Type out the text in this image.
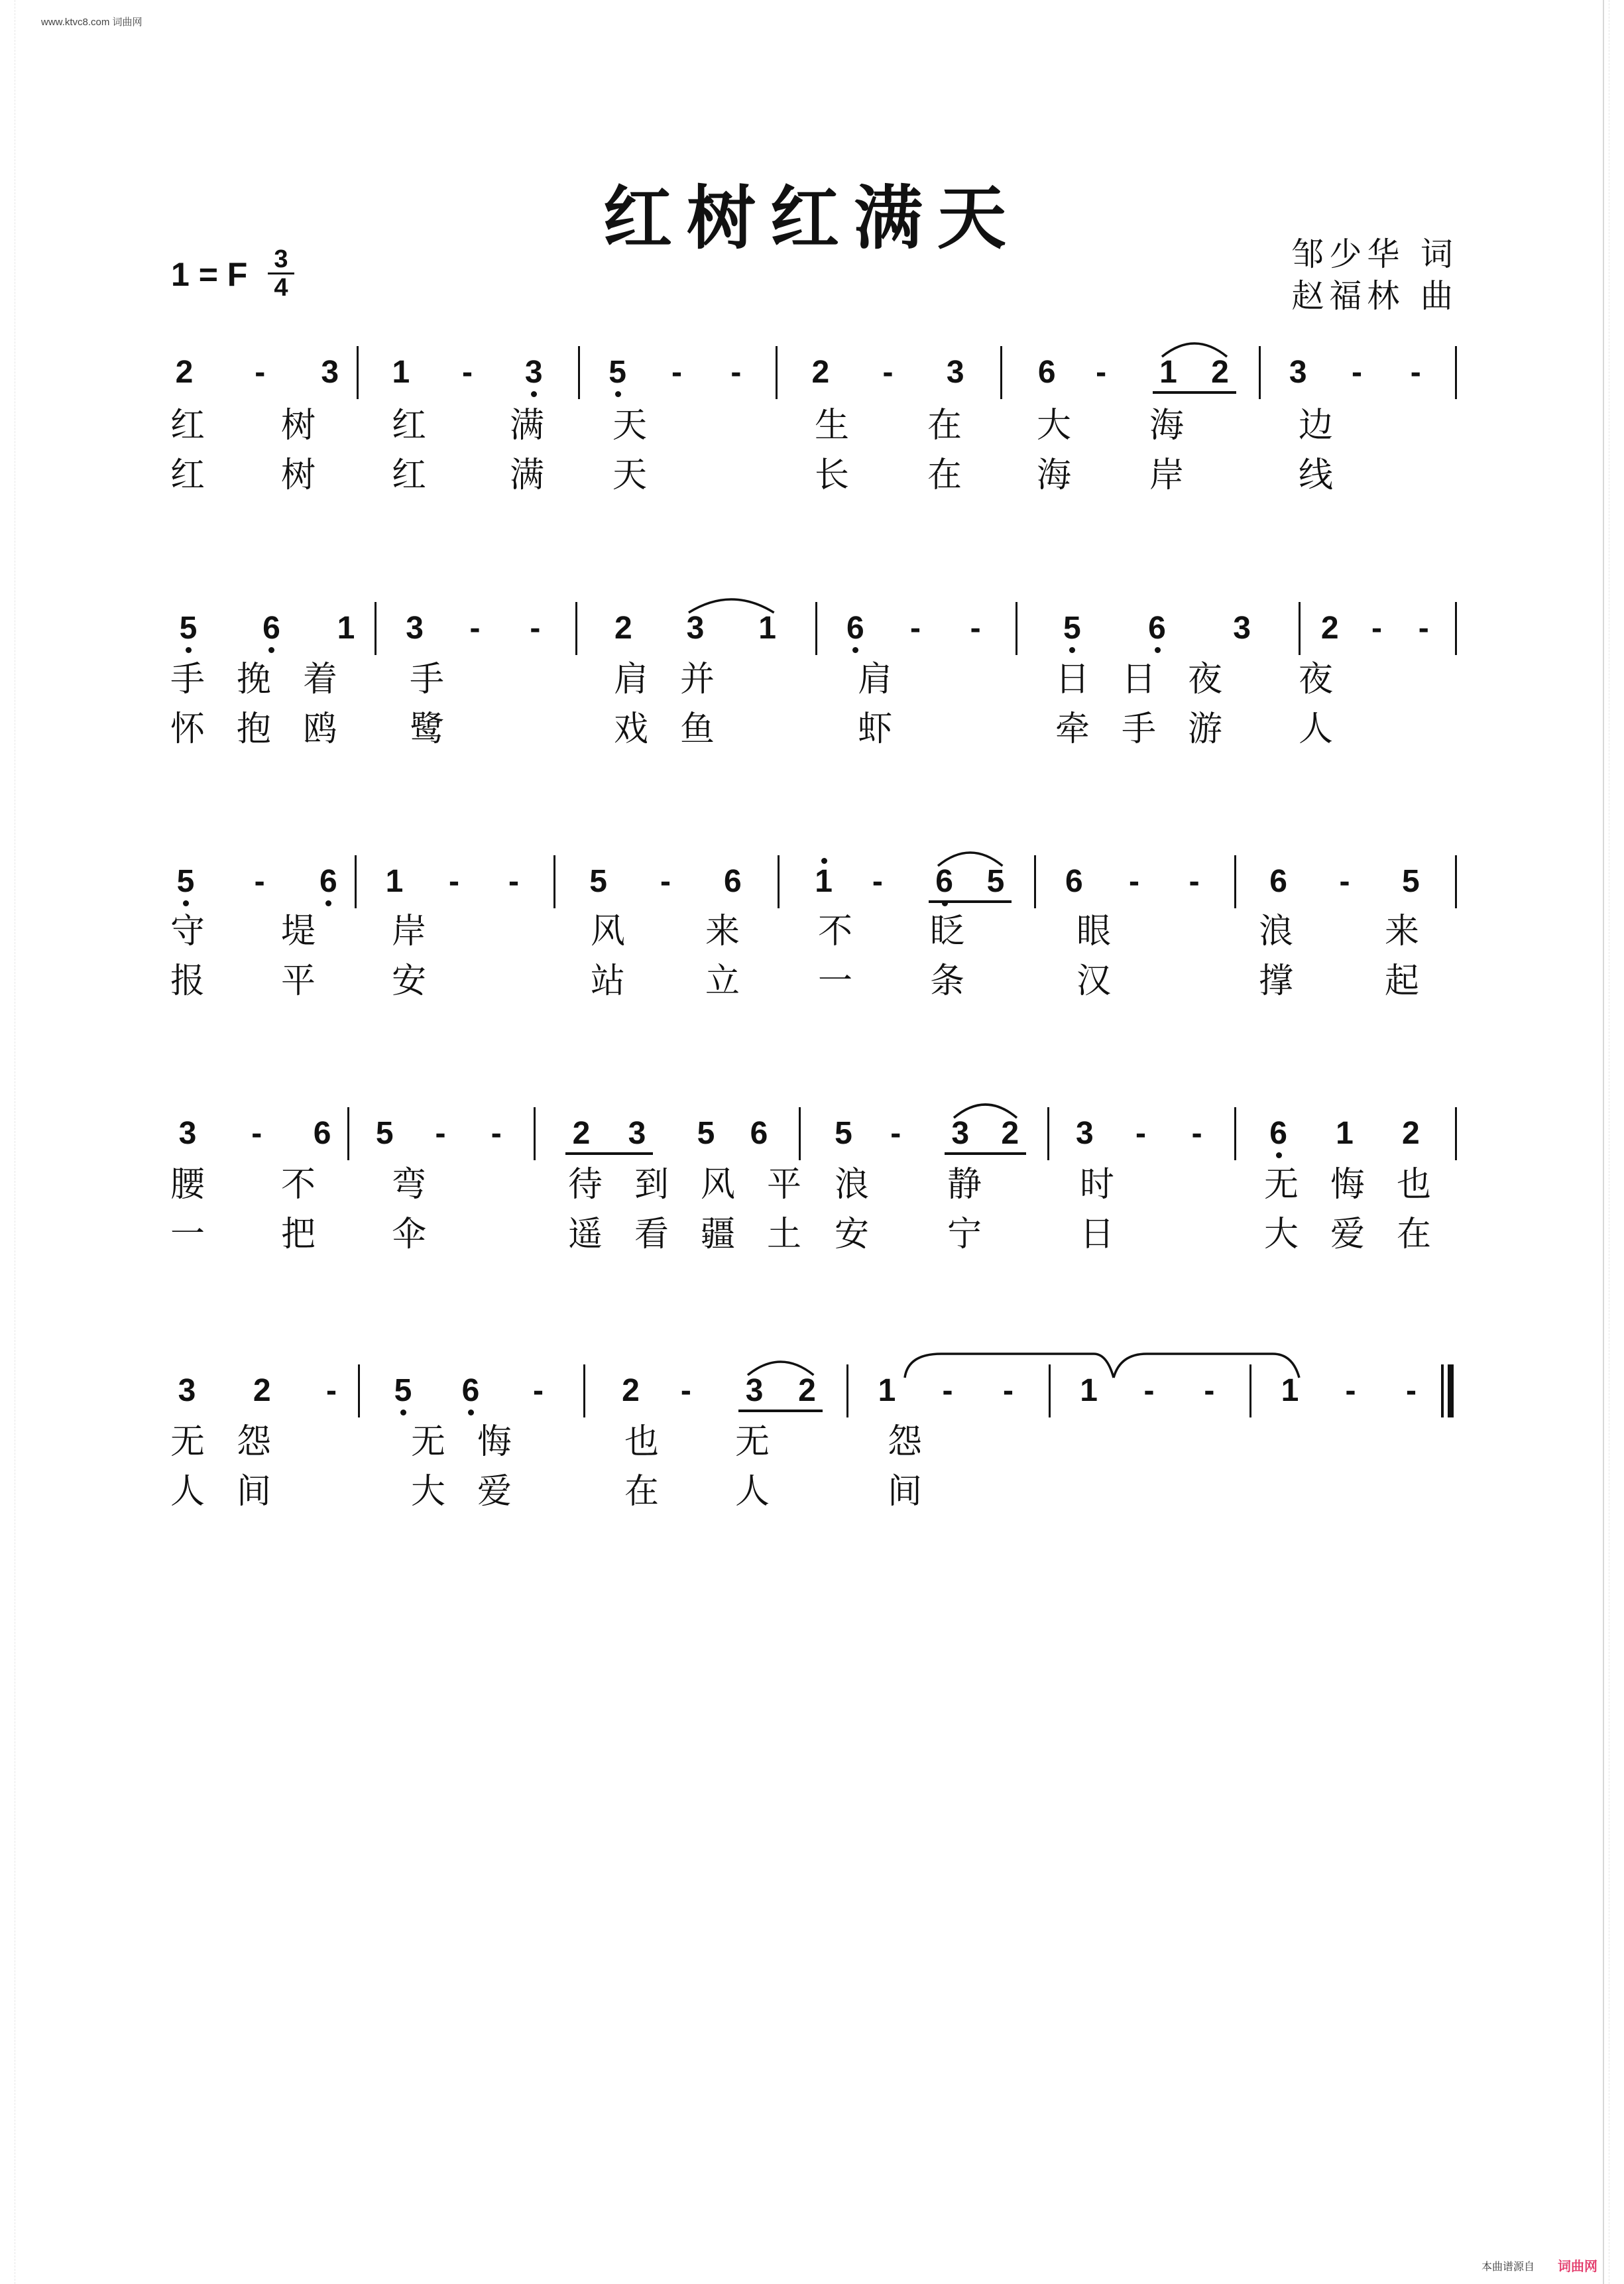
www.ktvc8.com 词曲网
红树红满天	邹少华 词
赵福林 曲
1 = F 3
4
2	-	3	1	-	3	5	-	-	2	-	3	6	-	1 2	3	-	-
红 树 红 满 天	生 在 大 海	边
红 树 红 满 天	长 在 海 岸	线
5	6	1	3	-	-	2	3	1	6	-	-	5	6	3	2	-	-
手 挽 着 手	肩 并	肩	日 日 夜 夜
怀 抱 鸥 鹭	戏 鱼	虾	牵 手 游 人
5	-	6	1	-	-	5	-	6	1	-	6 5	6	-	-	6	-	5
守 堤 岸	风 来 不 眨	眼	浪	来
报 平 安	站 立 一 条	汉	撑	起
3	-	6	5	-	-	2 3 5 6 5	-	3 2	3	-	-	6	1	2
腰 不 弯	待 到 风 平 浪 静	时	无 悔 也
一 把 伞	遥 看 疆 土 安 宁	日	大 爱 在
3	2	-	5	6	-	2	-	3 2	1	-	-	1	-	-	1	-	-
无 怨	无 悔	也 无	怨
人 间	大 爱	在 人	间
本曲谱源自 词曲网
